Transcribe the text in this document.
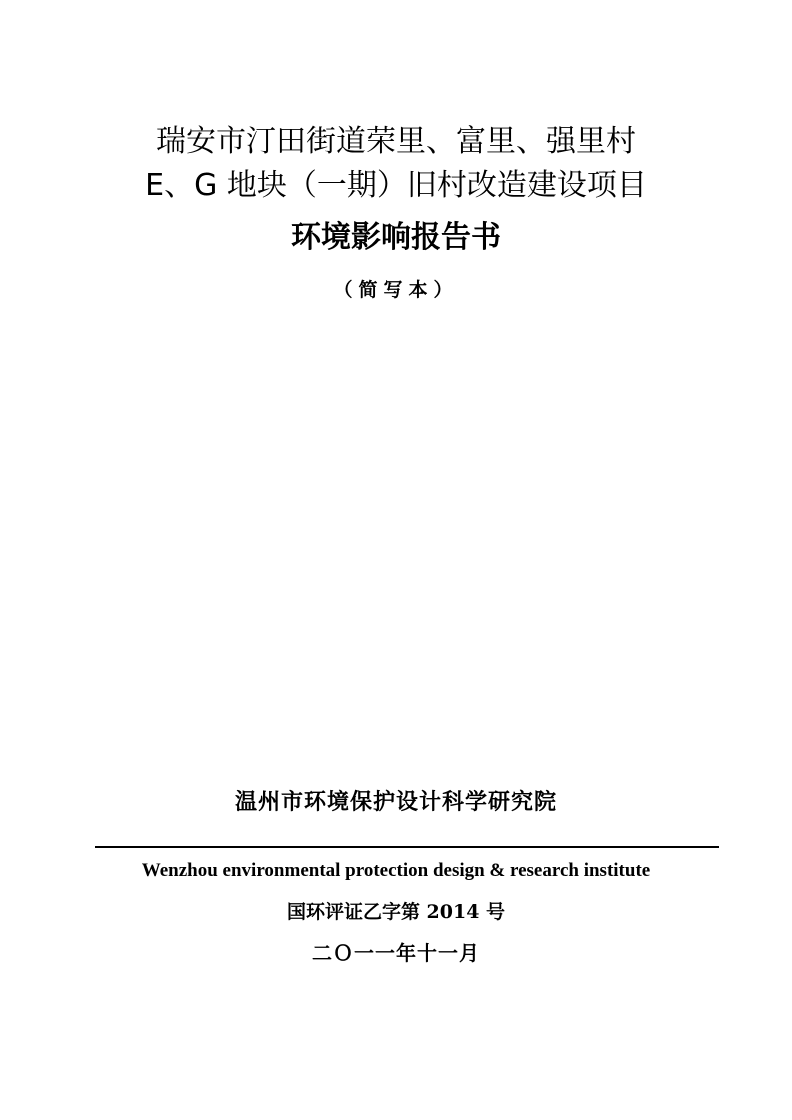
瑞安市汀田街道荣里、富里、强里村
E、G 地块（一期）旧村改造建设项目
环境影响报告书
（简写本）
温州市环境保护设计科学研究院
Wenzhou environmental protection design & research institute
国环评证乙字第 2014 号
二Ｏ一一年十一月
